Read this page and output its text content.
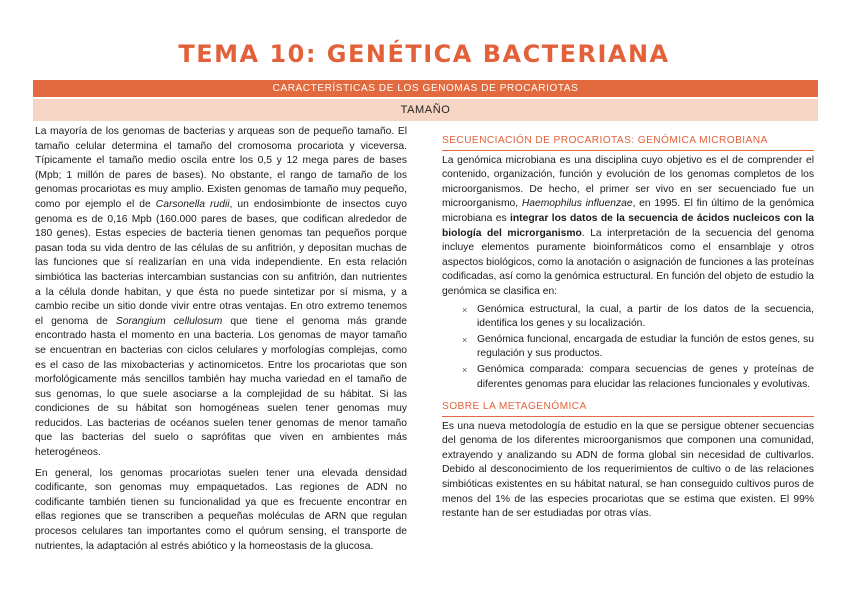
TEMA 10: GENÉTICA BACTERIANA
CARACTERÍSTICAS DE LOS GENOMAS DE PROCARIOTAS
TAMAÑO

La mayoría de los genomas de bacterias y arqueas son de pequeño tamaño. El tamaño celular determina el tamaño del cromosoma procariota y viceversa. Típicamente el tamaño medio oscila entre los 0,5 y 12 mega pares de bases (Mpb; 1 millón de pares de bases). No obstante, el rango de tamaño de los genomas procariotas es muy amplio. Existen genomas de tamaño muy pequeño, como por ejemplo el de Carsonella rudii, un endosimbionte de insectos cuyo genoma es de 0,16 Mpb (160.000 pares de bases, que codifican alrededor de 180 genes). Estas especies de bacteria tienen genomas tan pequeños porque pasan toda su vida dentro de las células de su anfitrión, y depositan muchas de las funciones que sí realizarían en una vida independiente. En esta relación simbiótica las bacterias intercambian sustancias con su anfitrión, dan nutrientes a la célula donde habitan, y que ésta no puede sintetizar por sí misma, y a cambio recibe un sitio donde vivir entre otras ventajas. En otro extremo tenemos el genoma de Sorangium cellulosum que tiene el genoma más grande encontrado hasta el momento en una bacteria. Los genomas de mayor tamaño se encuentran en bacterias con ciclos celulares y morfologías complejas, como es el caso de las mixobacterias y actinomicetos. Entre los procariotas que son morfológicamente más sencillos también hay mucha variedad en el tamaño de sus genomas, lo que suele asociarse a la complejidad de su hábitat. Si las condiciones de su hábitat son homogéneas suelen tener genomas muy reducidos. Las bacterias de océanos suelen tener genomas de menor tamaño que las bacterias del suelo o saprófitas que viven en ambientes más heterogéneos.

En general, los genomas procariotas suelen tener una elevada densidad codificante, son genomas muy empaquetados. Las regiones de ADN no codificante también tienen su funcionalidad ya que es frecuente encontrar en ellas regiones que se transcriben a pequeñas moléculas de ARN que regulan procesos celulares tan importantes como el quórum sensing, el transporte de nutrientes, la adaptación al estrés abiótico y la homeostasis de la glucosa.

SECUENCIACIÓN DE PROCARIOTAS: GENÓMICA MICROBIANA

La genómica microbiana es una disciplina cuyo objetivo es el de comprender el contenido, organización, función y evolución de los genomas completos de los microorganismos. De hecho, el primer ser vivo en ser secuenciado fue un microorganismo, Haemophilus influenzae, en 1995. El fin último de la genómica microbiana es integrar los datos de la secuencia de ácidos nucleicos con la biología del microrganismo. La interpretación de la secuencia del genoma incluye elementos puramente bioinformáticos como el ensamblaje y otros aspectos biológicos, como la anotación o asignación de funciones a las proteínas codificadas, así como la genómica estructural. En función del objeto de estudio la genómica se clasifica en:

× Genómica estructural, la cual, a partir de los datos de la secuencia, identifica los genes y su localización.
× Genómica funcional, encargada de estudiar la función de estos genes, su regulación y sus productos.
× Genómica comparada: compara secuencias de genes y proteínas de diferentes genomas para elucidar las relaciones funcionales y evolutivas.
SOBRE LA METAGENÓMICA

Es una nueva metodología de estudio en la que se persigue obtener secuencias del genoma de los diferentes microorganismos que componen una comunidad, extrayendo y analizando su ADN de forma global sin necesidad de cultivarlos. Debido al desconocimiento de los requerimientos de cultivo o de las relaciones simbióticas existentes en su hábitat natural, se han conseguido cultivos puros de menos del 1% de las especies procariotas que se estima que existen. El 99% restante han de ser estudiadas por otras vías.
